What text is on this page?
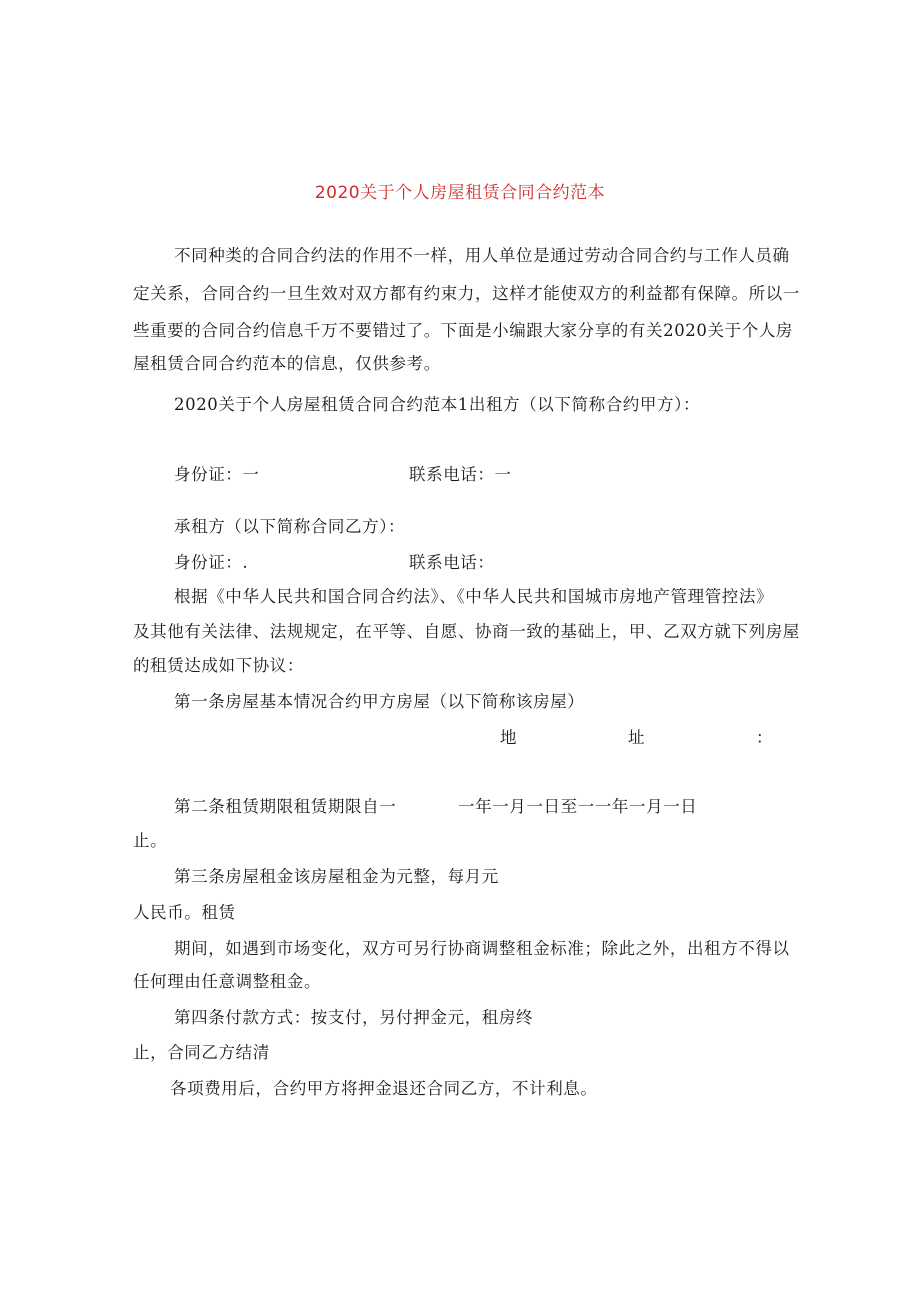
2020关于个人房屋租赁合同合约范本
不同种类的合同合约法的作用不一样，用人单位是通过劳动合同合约与工作人员确
定关系，合同合约一旦生效对双方都有约束力，这样才能使双方的利益都有保障。所以一
些重要的合同合约信息千万不要错过了。下面是小编跟大家分享的有关2020关于个人房
屋租赁合同合约范本的信息，仅供参考。
2020关于个人房屋租赁合同合约范本1出租方（以下简称合约甲方）：
身份证：一	联系电话：一
承租方（以下简称合同乙方）：
身份证：.	联系电话：
根据《中华人民共和国合同合约法》、《中华人民共和国城市房地产管理管控法》
及其他有关法律、法规规定，在平等、自愿、协商一致的基础上，甲、乙双方就下列房屋
的租赁达成如下协议：
第一条房屋基本情况合约甲方房屋（以下简称该房屋）
地	址	：
第二条租赁期限租赁期限自一	一年一月一日至一一年一月一日
止。
第三条房屋租金该房屋租金为元整，每月元
人民币。租赁
期间，如遇到市场变化，双方可另行协商调整租金标准；除此之外，出租方不得以
任何理由任意调整租金。
第四条付款方式：按支付，另付押金元，租房终
止，合同乙方结清
各项费用后，合约甲方将押金退还合同乙方，不计利息。
